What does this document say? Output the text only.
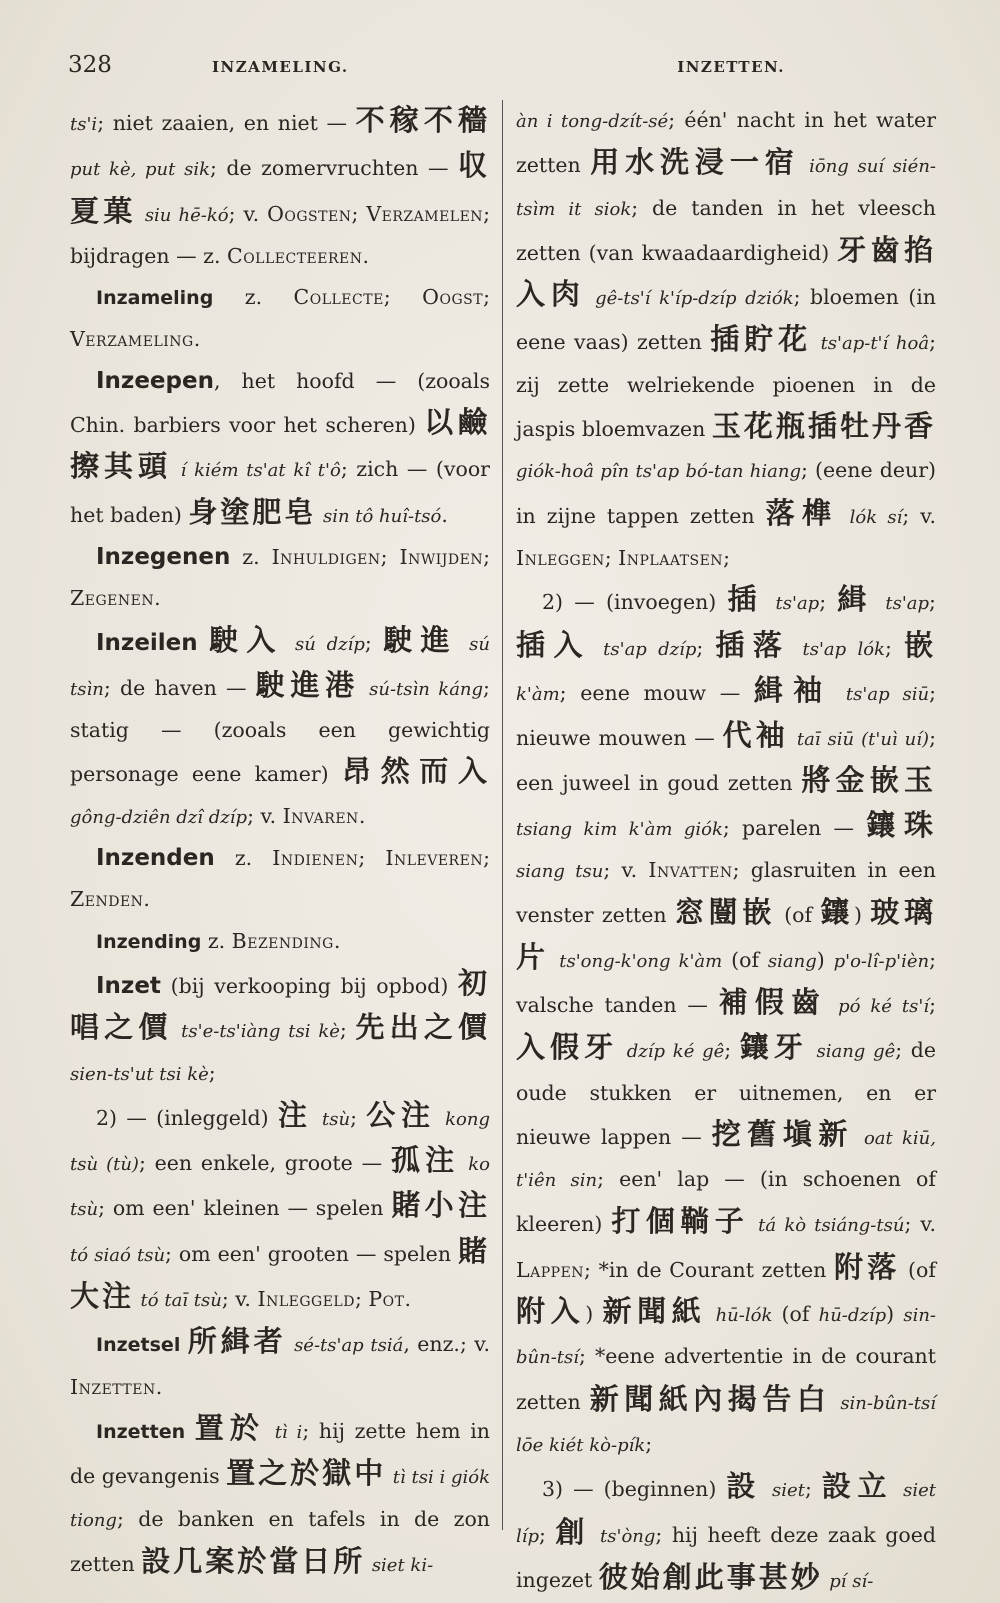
328	INZAMELING.	INZETTEN.

ts'i; niet zaaien, en niet — 不稼不穡 put kè, put sik; de zomervruchten — 収夏菓 siu hē-kó; v. Oogsten; Verzamelen; bijdragen — z. Collecteeren.

Inzameling z. Collecte; Oogst; Verzameling.

Inzeepen, het hoofd — (zooals Chin. barbiers voor het scheren) 以鹼擦其頭 í kiém ts'at kî t'ô; zich — (voor het baden) 身塗肥皂 sin tô huî-tsó.

Inzegenen z. Inhuldigen; Inwijden; Zegenen.

Inzeilen 駛入 sú dzíp; 駛進 sú tsìn; de haven — 駛進港 sú-tsìn káng; statig — (zooals een gewichtig personage eene kamer) 昂然而入 gông-dziên dzî dzíp; v. Invaren.

Inzenden z. Indienen; Inleveren; Zenden.

Inzending z. Bezending.

Inzet (bij verkooping bij opbod) 初唱之價 ts'e-ts'iàng tsi kè; 先出之價 sien-ts'ut tsi kè;

2) — (inleggeld) 注 tsù; 公注 kong tsù (tù); een enkele, groote — 孤注 ko tsù; om een' kleinen — spelen 賭小注 tó siaó tsù; om een' grooten — spelen 賭大注 tó taī tsù; v. Inleggeld; Pot.

Inzetsel 所緝者 sé-ts'ap tsiá, enz.; v. Inzetten.

Inzetten 置於 tì i; hij zette hem in de gevangenis 置之於獄中 tì tsi i giók tiong; de banken en tafels in de zon zetten 設几案於當日所 siet ki-

àn i tong-dzít-sé; één' nacht in het water zetten 用水洗浸一宿 iōng suí sién-tsìm it siok; de tanden in het vleesch zetten (van kwaadaardigheid) 牙齒掐入肉 gê-ts'í k'íp-dzíp dziók; bloemen (in eene vaas) zetten 插貯花 ts'ap-t'í hoâ; zij zette welriekende pioenen in de jaspis bloemvazen 玉花瓶插牡丹香 giók-hoâ pîn ts'ap bó-tan hiang; (eene deur) in zijne tappen zetten 落榫 lók sí; v. Inleggen; Inplaatsen;

2) — (invoegen) 插 ts'ap; 緝 ts'ap; 插入 ts'ap dzíp; 插落 ts'ap lók; 嵌 k'àm; eene mouw — 緝袖 ts'ap siū; nieuwe mouwen — 代袖 taī siū (t'uì uí); een juweel in goud zetten 將金嵌玉 tsiang kim k'àm giók; parelen — 鑲珠 siang tsu; v. Invatten; glasruiten in een venster zetten 窓闓嵌 (of 鑲) 玻璃片 ts'ong-k'ong k'àm (of siang) p'o-lî-p'ièn; valsche tanden — 補假齒 pó ké ts'í; 入假牙 dzíp ké gê; 鑲牙 siang gê; de oude stukken er uitnemen, en er nieuwe lappen — 挖舊塡新 oat kiū, t'iên sin; een' lap — (in schoenen of kleeren) 打個鞝子 tá kò tsiáng-tsú; v. Lappen; *in de Courant zetten 附落 (of 附入) 新聞紙 hū-lók (of hū-dzíp) sin-bûn-tsí; *eene advertentie in de courant zetten 新聞紙內揭告白 sin-bûn-tsí lōe kiét kò-pík;

3) — (beginnen) 設 siet; 設立 siet líp; 創 ts'òng; hij heeft deze zaak goed ingezet 彼始創此事甚妙 pí sí-
